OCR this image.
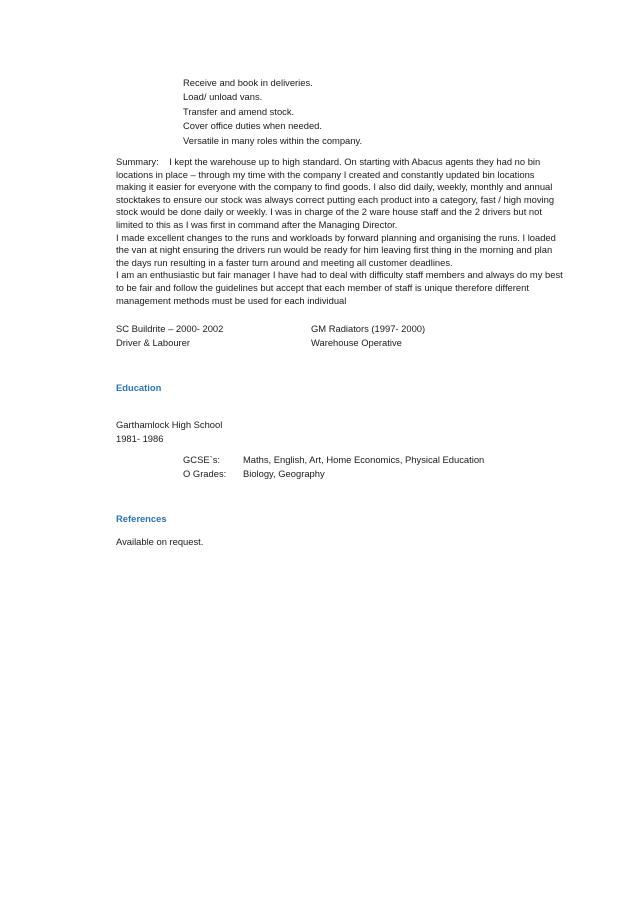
Receive and book in deliveries.
Load/ unload vans.
Transfer and amend stock.
Cover office duties when needed.
Versatile in many roles within the company.

Summary: I kept the warehouse up to high standard. On starting with Abacus agents they had no bin locations in place – through my time with the company I created and constantly updated bin locations making it easier for everyone with the company to find goods. I also did daily, weekly, monthly and annual stocktakes to ensure our stock was always correct putting each product into a category, fast / high moving stock would be done daily or weekly. I was in charge of the 2 ware house staff and the 2 drivers but not limited to this as I was first in command after the Managing Director.

I made excellent changes to the runs and workloads by forward planning and organising the runs. I loaded the van at night ensuring the drivers run would be ready for him leaving first thing in the morning and plan the days run resulting in a faster turn around and meeting all customer deadlines.

I am an enthusiastic but fair manager I have had to deal with difficulty staff members and always do my best to be fair and follow the guidelines but accept that each member of staff is unique therefore different management methods must be used for each individual

SC Buildrite – 2000- 2002
Driver & Labourer
GM Radiators (1997- 2000)
Warehouse Operative
Education
Garthamlock High School
1981- 1986
GCSE`s:	Maths, English, Art, Home Economics, Physical Education
O Grades:	Biology, Geography
References
Available on request.
